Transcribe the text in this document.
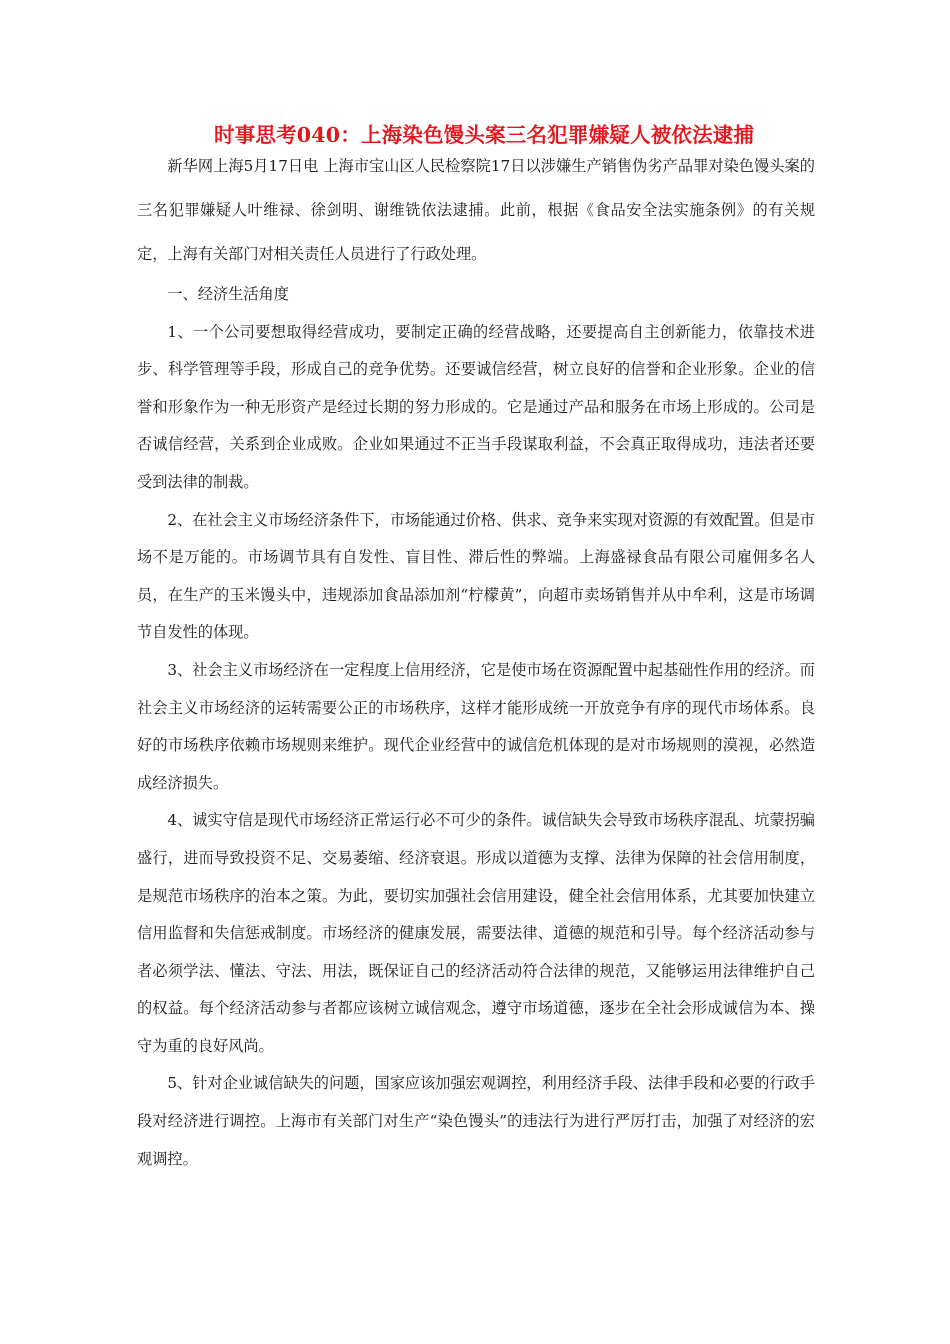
时事思考040：上海染色馒头案三名犯罪嫌疑人被依法逮捕

新华网上海5月17日电 上海市宝山区人民检察院17日以涉嫌生产销售伪劣产品罪对染色馒头案的三名犯罪嫌疑人叶维禄、徐剑明、谢维铣依法逮捕。此前，根据《食品安全法实施条例》的有关规定，上海有关部门对相关责任人员进行了行政处理。

一、经济生活角度

1、一个公司要想取得经营成功，要制定正确的经营战略，还要提高自主创新能力，依靠技术进步、科学管理等手段，形成自己的竞争优势。还要诚信经营，树立良好的信誉和企业形象。企业的信誉和形象作为一种无形资产是经过长期的努力形成的。它是通过产品和服务在市场上形成的。公司是否诚信经营，关系到企业成败。企业如果通过不正当手段谋取利益，不会真正取得成功，违法者还要受到法律的制裁。

2、在社会主义市场经济条件下，市场能通过价格、供求、竞争来实现对资源的有效配置。但是市场不是万能的。市场调节具有自发性、盲目性、滞后性的弊端。上海盛禄食品有限公司雇佣多名人员，在生产的玉米馒头中，违规添加食品添加剂“柠檬黄”，向超市卖场销售并从中牟利，这是市场调节自发性的体现。

3、社会主义市场经济在一定程度上信用经济，它是使市场在资源配置中起基础性作用的经济。而社会主义市场经济的运转需要公正的市场秩序，这样才能形成统一开放竞争有序的现代市场体系。良好的市场秩序依赖市场规则来维护。现代企业经营中的诚信危机体现的是对市场规则的漠视，必然造成经济损失。

4、诚实守信是现代市场经济正常运行必不可少的条件。诚信缺失会导致市场秩序混乱、坑蒙拐骗盛行，进而导致投资不足、交易萎缩、经济衰退。形成以道德为支撑、法律为保障的社会信用制度，是规范市场秩序的治本之策。为此，要切实加强社会信用建设，健全社会信用体系，尤其要加快建立信用监督和失信惩戒制度。市场经济的健康发展，需要法律、道德的规范和引导。每个经济活动参与者必须学法、懂法、守法、用法，既保证自己的经济活动符合法律的规范，又能够运用法律维护自己的权益。每个经济活动参与者都应该树立诚信观念，遵守市场道德，逐步在全社会形成诚信为本、操守为重的良好风尚。

5、针对企业诚信缺失的问题，国家应该加强宏观调控，利用经济手段、法律手段和必要的行政手段对经济进行调控。上海市有关部门对生产“染色馒头”的违法行为进行严厉打击，加强了对经济的宏观调控。
